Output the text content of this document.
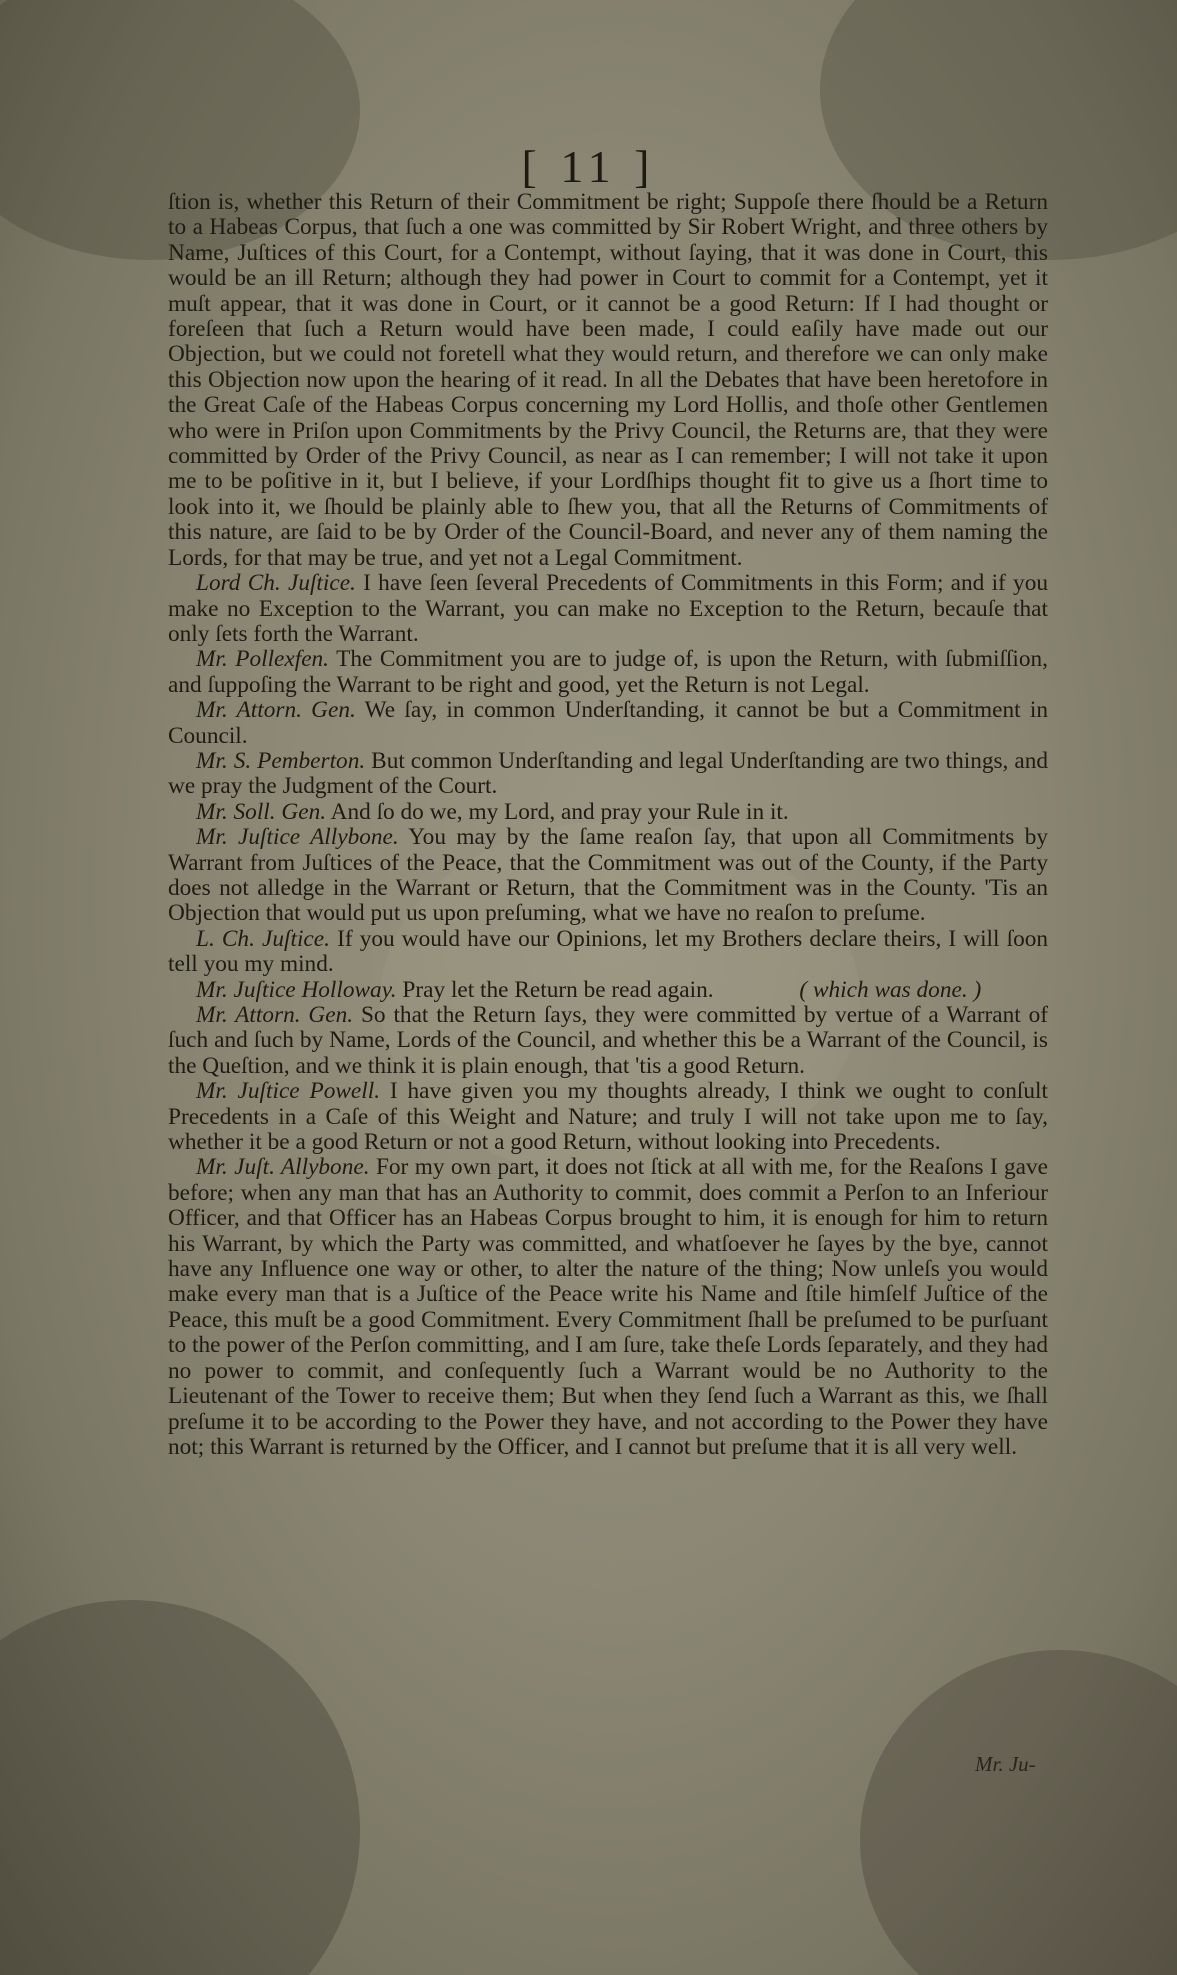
[ 11 ]

ſtion is, whether this Return of their Commitment be right; Suppoſe there ſhould be a Return to a Habeas Corpus, that ſuch a one was committed by Sir Robert Wright, and three others by Name, Juſtices of this Court, for a Contempt, without ſaying, that it was done in Court, this would be an ill Return; although they had power in Court to commit for a Contempt, yet it muſt appear, that it was done in Court, or it cannot be a good Return: If I had thought or foreſeen that ſuch a Return would have been made, I could eaſily have made out our Objection, but we could not foretell what they would return, and therefore we can only make this Objection now upon the hearing of it read. In all the Debates that have been heretofore in the Great Caſe of the Habeas Corpus concerning my Lord Hollis, and thoſe other Gentlemen who were in Priſon upon Commitments by the Privy Council, the Returns are, that they were committed by Order of the Privy Council, as near as I can remember; I will not take it upon me to be poſitive in it, but I believe, if your Lordſhips thought fit to give us a ſhort time to look into it, we ſhould be plainly able to ſhew you, that all the Returns of Commitments of this nature, are ſaid to be by Order of the Council-Board, and never any of them naming the Lords, for that may be true, and yet not a Legal Commitment.

Lord Ch. Juſtice. I have ſeen ſeveral Precedents of Commitments in this Form; and if you make no Exception to the Warrant, you can make no Exception to the Return, becauſe that only ſets forth the Warrant.

Mr. Pollexfen. The Commitment you are to judge of, is upon the Return, with ſubmiſſion, and ſuppoſing the Warrant to be right and good, yet the Return is not Legal.

Mr. Attorn. Gen. We ſay, in common Underſtanding, it cannot be but a Commitment in Council.

Mr. S. Pemberton. But common Underſtanding and legal Underſtanding are two things, and we pray the Judgment of the Court.

Mr. Soll. Gen. And ſo do we, my Lord, and pray your Rule in it.

Mr. Juſtice Allybone. You may by the ſame reaſon ſay, that upon all Commitments by Warrant from Juſtices of the Peace, that the Commitment was out of the County, if the Party does not alledge in the Warrant or Return, that the Commitment was in the County. 'Tis an Objection that would put us upon preſuming, what we have no reaſon to preſume.

L. Ch. Juſtice. If you would have our Opinions, let my Brothers declare theirs, I will ſoon tell you my mind.

Mr. Juſtice Holloway. Pray let the Return be read again.	( which was done. )

Mr. Attorn. Gen. So that the Return ſays, they were committed by vertue of a Warrant of ſuch and ſuch by Name, Lords of the Council, and whether this be a Warrant of the Council, is the Queſtion, and we think it is plain enough, that 'tis a good Return.

Mr. Juſtice Powell. I have given you my thoughts already, I think we ought to conſult Precedents in a Caſe of this Weight and Nature; and truly I will not take upon me to ſay, whether it be a good Return or not a good Return, without looking into Precedents.

Mr. Juſt. Allybone. For my own part, it does not ſtick at all with me, for the Reaſons I gave before; when any man that has an Authority to commit, does commit a Perſon to an Inferiour Officer, and that Officer has an Habeas Corpus brought to him, it is enough for him to return his Warrant, by which the Party was committed, and whatſoever he ſayes by the bye, cannot have any Influence one way or other, to alter the nature of the thing; Now unleſs you would make every man that is a Juſtice of the Peace write his Name and ſtile himſelf Juſtice of the Peace, this muſt be a good Commitment. Every Commitment ſhall be preſumed to be purſuant to the power of the Perſon committing, and I am ſure, take theſe Lords ſeparately, and they had no power to commit, and conſequently ſuch a Warrant would be no Authority to the Lieutenant of the Tower to receive them; But when they ſend ſuch a Warrant as this, we ſhall preſume it to be according to the Power they have, and not according to the Power they have not; this Warrant is returned by the Officer, and I cannot but preſume that it is all very well.

Mr. Ju-
